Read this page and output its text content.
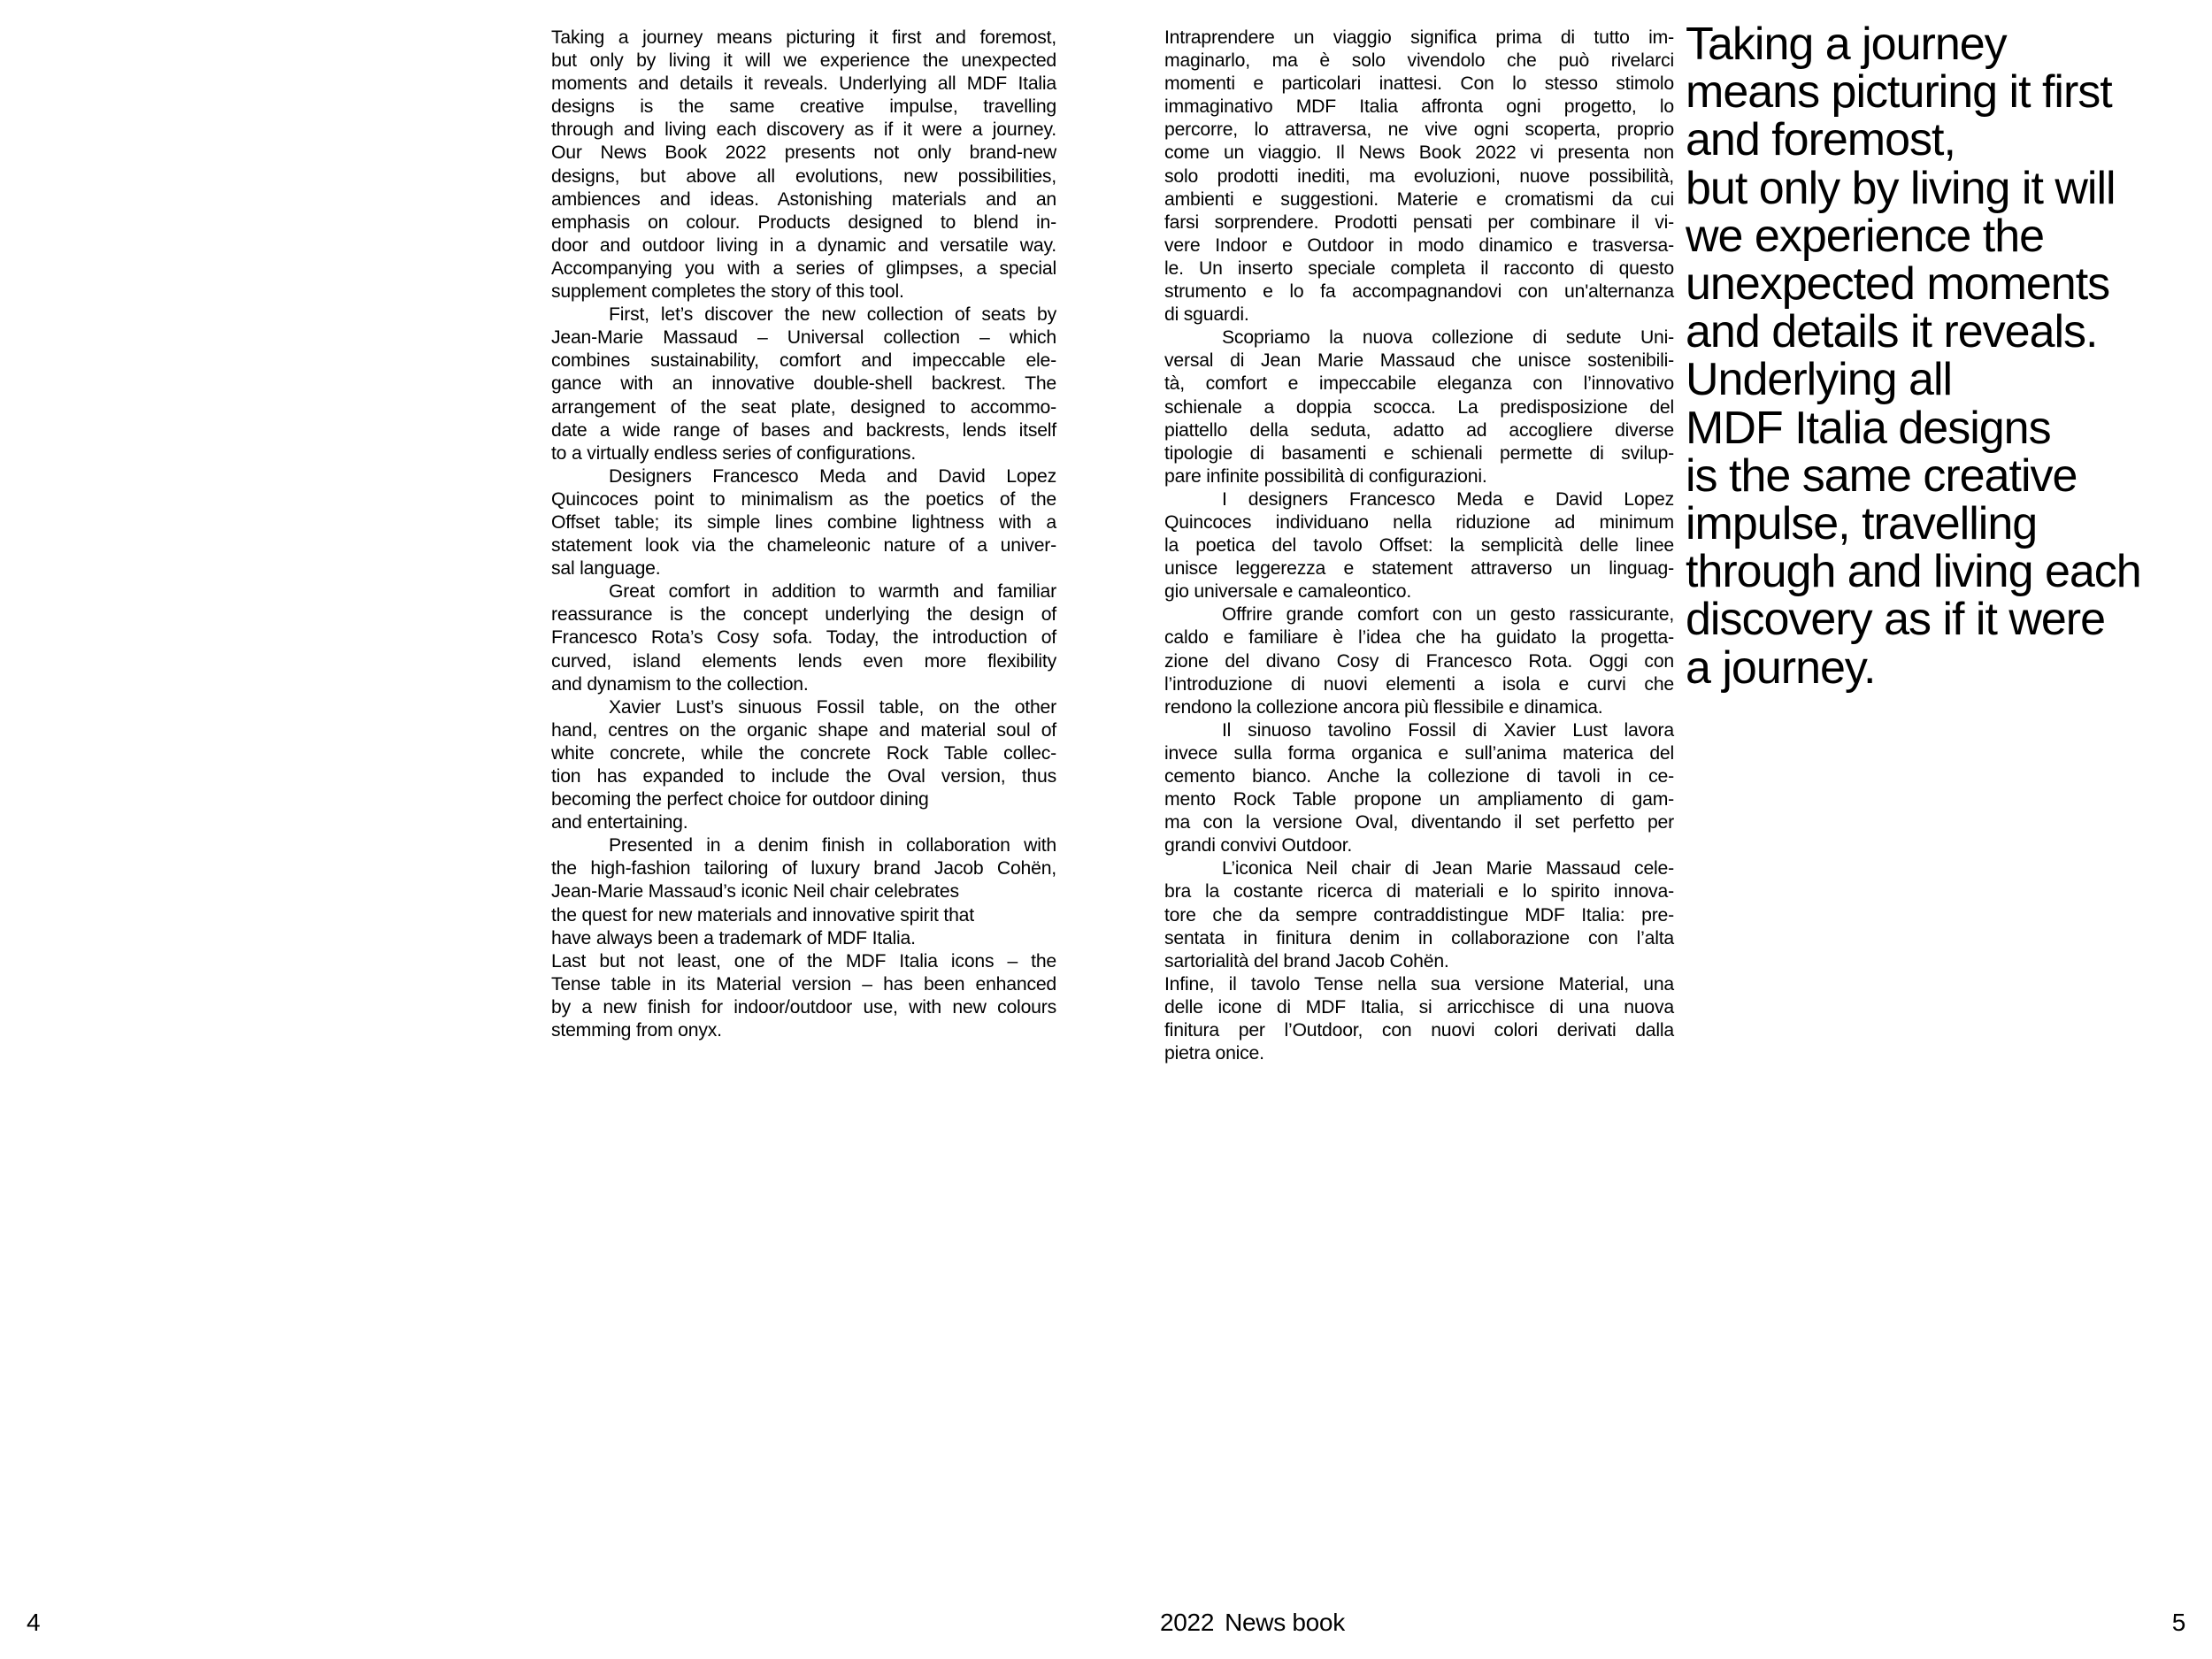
Taking a journey means picturing it first and foremost,
but only by living it will we experience the unexpected
moments and details it reveals. Underlying all MDF Italia
designs is the same creative impulse, travelling
through and living each discovery as if it were a journey.
Our News Book 2022 presents not only brand-new
designs, but above all evolutions, new possibilities,
ambiences and ideas. Astonishing materials and an
emphasis on colour. Products designed to blend in-
door and outdoor living in a dynamic and versatile way.
Accompanying you with a series of glimpses, a special
supplement completes the story of this tool.
First, let’s discover the new collection of seats by
Jean-Marie Massaud – Universal collection – which
combines sustainability, comfort and impeccable ele-
gance with an innovative double-shell backrest. The
arrangement of the seat plate, designed to accommo-
date a wide range of bases and backrests, lends itself
to a virtually endless series of configurations.
Designers Francesco Meda and David Lopez
Quincoces point to minimalism as the poetics of the
Offset table; its simple lines combine lightness with a
statement look via the chameleonic nature of a univer-
sal language.
Great comfort in addition to warmth and familiar
reassurance is the concept underlying the design of
Francesco Rota’s Cosy sofa. Today, the introduction of
curved, island elements lends even more flexibility
and dynamism to the collection.
Xavier Lust’s sinuous Fossil table, on the other
hand, centres on the organic shape and material soul of
white concrete, while the concrete Rock Table collec-
tion has expanded to include the Oval version, thus
becoming the perfect choice for outdoor dining
and entertaining.
Presented in a denim finish in collaboration with
the high-fashion tailoring of luxury brand Jacob Cohën,
Jean-Marie Massaud’s iconic Neil chair celebrates
the quest for new materials and innovative spirit that
have always been a trademark of MDF Italia.
Last but not least, one of the MDF Italia icons – the
Tense table in its Material version – has been enhanced
by a new finish for indoor/outdoor use, with new colours
stemming from onyx.
Intraprendere un viaggio significa prima di tutto im-
maginarlo, ma è solo vivendolo che può rivelarci
momenti e particolari inattesi. Con lo stesso stimolo
immaginativo MDF Italia affronta ogni progetto, lo
percorre, lo attraversa, ne vive ogni scoperta, proprio
come un viaggio. Il News Book 2022 vi presenta non
solo prodotti inediti, ma evoluzioni, nuove possibilità,
ambienti e suggestioni. Materie e cromatismi da cui
farsi sorprendere. Prodotti pensati per combinare il vi-
vere Indoor e Outdoor in modo dinamico e trasversa-
le. Un inserto speciale completa il racconto di questo
strumento e lo fa accompagnandovi con un'alternanza
di sguardi.
Scopriamo la nuova collezione di sedute Uni-
versal di Jean Marie Massaud che unisce sostenibili-
tà, comfort e impeccabile eleganza con l’innovativo
schienale a doppia scocca. La predisposizione del
piattello della seduta, adatto ad accogliere diverse
tipologie di basamenti e schienali permette di svilup-
pare infinite possibilità di configurazioni.
I designers Francesco Meda e David Lopez
Quincoces individuano nella riduzione ad minimum
la poetica del tavolo Offset: la semplicità delle linee
unisce leggerezza e statement attraverso un linguag-
gio universale e camaleontico.
Offrire grande comfort con un gesto rassicurante,
caldo e familiare è l’idea che ha guidato la progetta-
zione del divano Cosy di Francesco Rota. Oggi con
l’introduzione di nuovi elementi a isola e curvi che
rendono la collezione ancora più flessibile e dinamica.
Il sinuoso tavolino Fossil di Xavier Lust lavora
invece sulla forma organica e sull’anima materica del
cemento bianco. Anche la collezione di tavoli in ce-
mento Rock Table propone un ampliamento di gam-
ma con la versione Oval, diventando il set perfetto per
grandi convivi Outdoor.
L’iconica Neil chair di Jean Marie Massaud cele-
bra la costante ricerca di materiali e lo spirito innova-
tore che da sempre contraddistingue MDF Italia: pre-
sentata in finitura denim in collaborazione con l’alta
sartorialità del brand Jacob Cohën.
Infine, il tavolo Tense nella sua versione Material, una
delle icone di MDF Italia, si arricchisce di una nuova
finitura per l’Outdoor, con nuovi colori derivati dalla
pietra onice.
Taking a journey
means picturing it first
and foremost,
but only by living it will
we experience the
unexpected moments
and details it reveals.
Underlying all
MDF Italia designs
is the same creative
impulse, travelling
through and living each
discovery as if it were
a journey.
4	2022 News book	5
